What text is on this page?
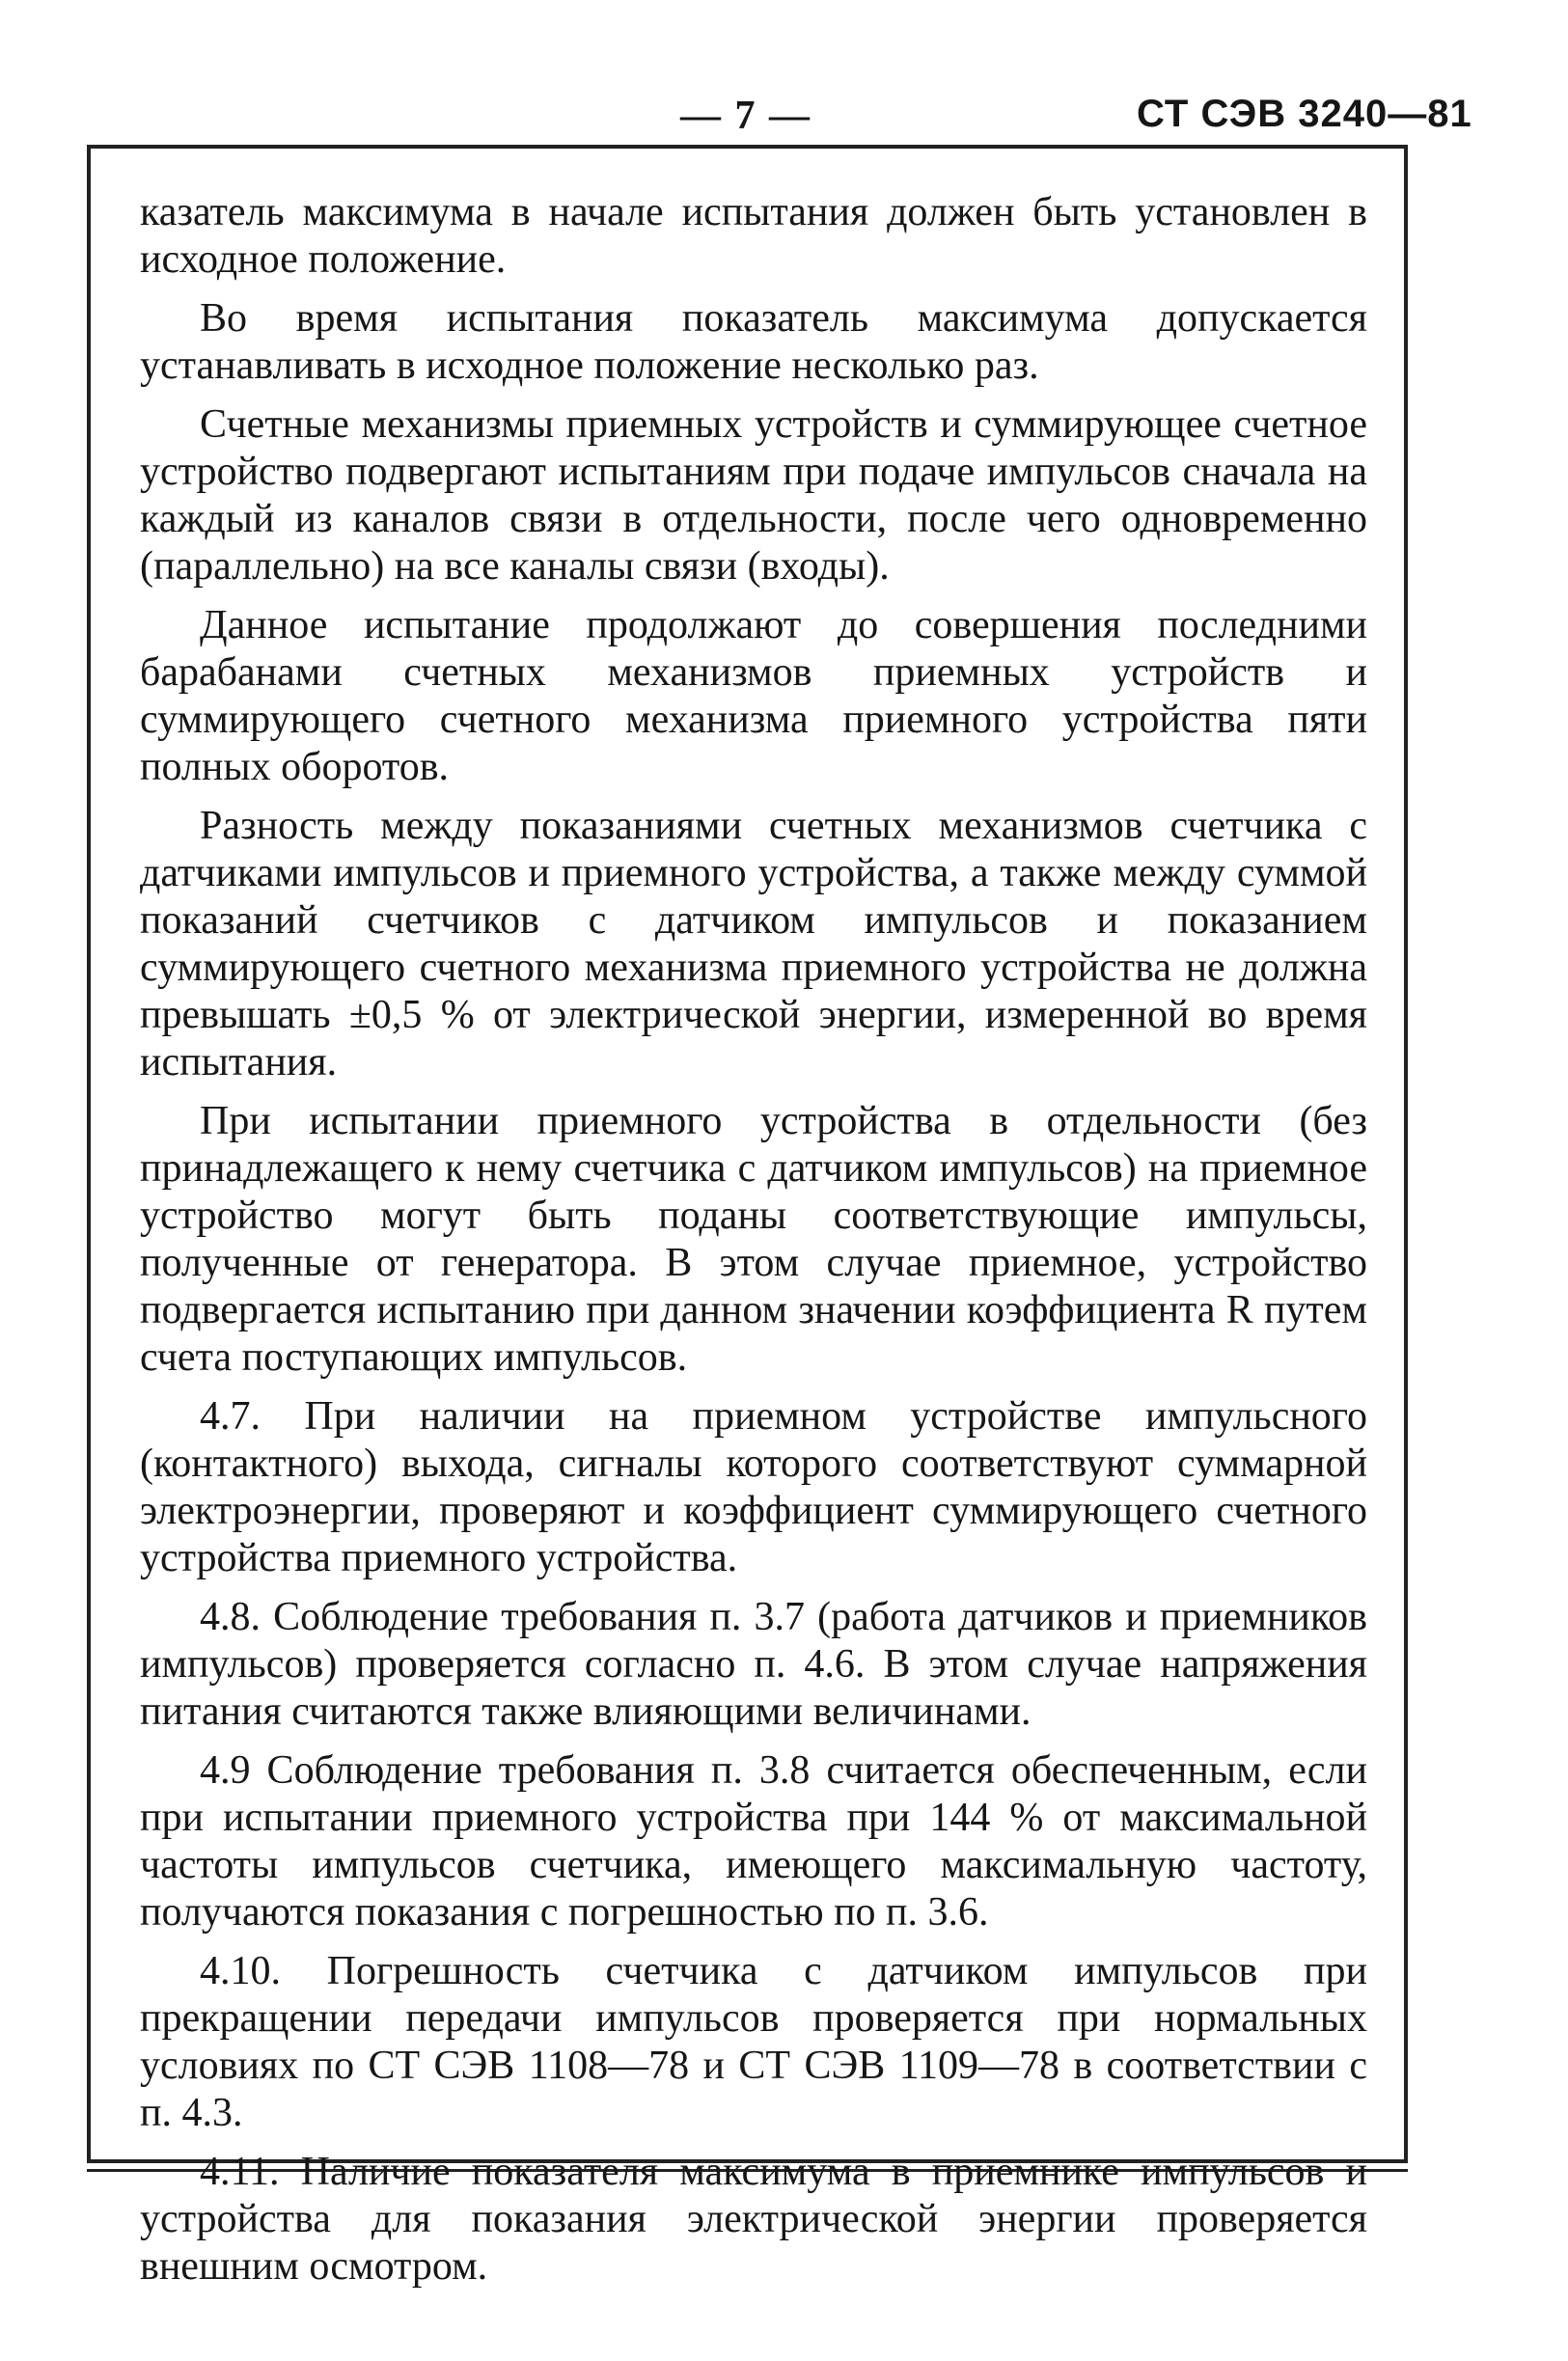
— 7 —	СТ СЭВ 3240—81

казатель максимума в начале испытания должен быть установлен в исходное положение.

Во время испытания показатель максимума допускается устанавливать в исходное положение несколько раз.

Счетные механизмы приемных устройств и суммирующее счетное устройство подвергают испытаниям при подаче импульсов сначала на каждый из каналов связи в отдельности, после чего одновременно (параллельно) на все каналы связи (входы).

Данное испытание продолжают до совершения последними барабанами счетных механизмов приемных устройств и суммирующего счетного механизма приемного устройства пяти полных оборотов.

Разность между показаниями счетных механизмов счетчика с датчиками импульсов и приемного устройства, а также между суммой показаний счетчиков с датчиком импульсов и показанием суммирующего счетного механизма приемного устройства не должна превышать ±0,5 % от электрической энергии, измеренной во время испытания.

При испытании приемного устройства в отдельности (без принадлежащего к нему счетчика с датчиком импульсов) на приемное устройство могут быть поданы соответствующие импульсы, полученные от генератора. В этом случае приемное, устройство подвергается испытанию при данном значении коэффициента R путем счета поступающих импульсов.

4.7. При наличии на приемном устройстве импульсного (контактного) выхода, сигналы которого соответствуют суммарной электроэнергии, проверяют и коэффициент суммирующего счетного устройства приемного устройства.

4.8. Соблюдение требования п. 3.7 (работа датчиков и приемников импульсов) проверяется согласно п. 4.6. В этом случае напряжения питания считаются также влияющими величинами.

4.9 Соблюдение требования п. 3.8 считается обеспеченным, если при испытании приемного устройства при 144 % от максимальной частоты импульсов счетчика, имеющего максимальную частоту, получаются показания с погрешностью по п. 3.6.

4.10. Погрешность счетчика с датчиком импульсов при прекращении передачи импульсов проверяется при нормальных условиях по СТ СЭВ 1108—78 и СТ СЭВ 1109—78 в соответствии с п. 4.3.

4.11. Наличие показателя максимума в приемнике импульсов и устройства для показания электрической энергии проверяется внешним осмотром.
